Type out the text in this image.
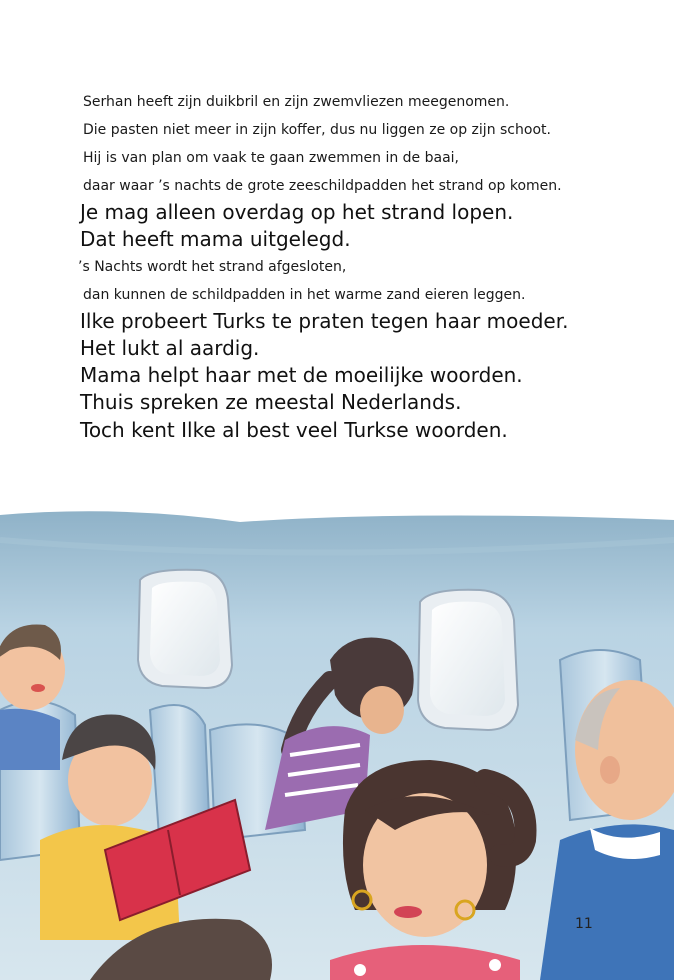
Serhan heeft zijn duikbril en zijn zwemvliezen meegenomen.
Die pasten niet meer in zijn koffer, dus nu liggen ze op zijn schoot.
Hij is van plan om vaak te gaan zwemmen in de baai,
daar waar ’s nachts de grote zeeschildpadden het strand op komen.
Je mag alleen overdag op het strand lopen.
Dat heeft mama uitgelegd.
’s Nachts wordt het strand afgesloten,
dan kunnen de schildpadden in het warme zand eieren leggen.
Ilke probeert Turks te praten tegen haar moeder.
Het lukt al aardig.
Mama helpt haar met de moeilijke woorden.
Thuis spreken ze meestal Nederlands.
Toch kent Ilke al best veel Turkse woorden.
11
